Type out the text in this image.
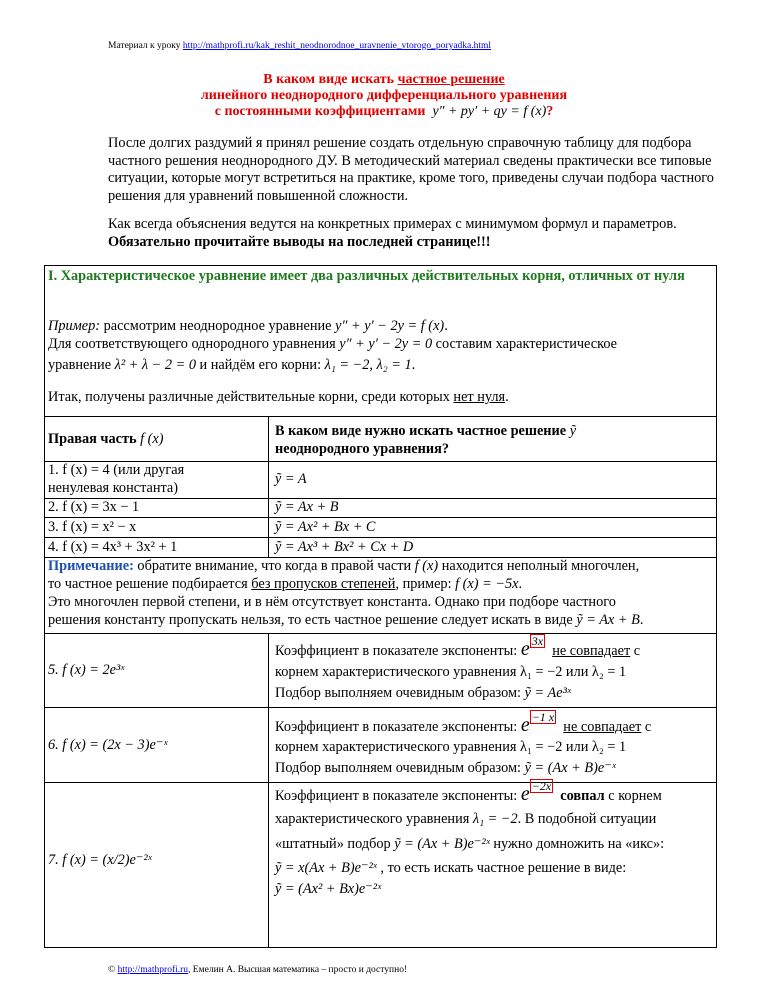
Материал к уроку http://mathprofi.ru/kak_reshit_neodnorodnoe_uravnenie_vtorogo_poryadka.html
В каком виде искать частное решение
линейного неоднородного дифференциального уравнения
с постоянными коэффициентами y″ + py′ + qy = f (x)?
После долгих раздумий я принял решение создать отдельную справочную таблицу для подбора частного решения неоднородного ДУ. В методический материал сведены практически все типовые ситуации, которые могут встретиться на практике, кроме того, приведены случаи подбора частного решения для уравнений повышенной сложности.
Как всегда объяснения ведутся на конкретных примерах с минимумом формул и параметров. Обязательно прочитайте выводы на последней странице!!!
I. Характеристическое уравнение имеет два различных действительных корня, отличных от нуля
Пример: рассмотрим неоднородное уравнение y″ + y′ − 2y = f (x).
Для соответствующего однородного уравнения y″ + y′ − 2y = 0 составим характеристическое
уравнение λ² + λ − 2 = 0 и найдём его корни: λ₁ = −2, λ₂ = 1.
Итак, получены различные действительные корни, среди которых нет нуля.
Правая часть f (x)	В каком виде нужно искать частное решение ỹ
неоднородного уравнения?
1. f (x) = 4 (или другая
ненулевая константа)
ỹ = A
2. f (x) = 3x − 1	ỹ = Ax + B
3. f (x) = x² − x	ỹ = Ax² + Bx + C
4. f (x) = 4x³ + 3x² + 1	ỹ = Ax³ + Bx² + Cx + D
Примечание: обратите внимание, что когда в правой части f (x) находится неполный многочлен,
то частное решение подбирается без пропусков степеней, пример: f (x) = −5x.
Это многочлен первой степени, и в нём отсутствует константа. Однако при подборе частного
решения константу пропускать нельзя, то есть частное решение следует искать в виде ỹ = Ax + B.
5. f (x) = 2e³ˣ
Коэффициент в показателе экспоненты: e 3x  не совпадает с
корнем характеристического уравнения λ₁ = −2 или λ₂ = 1
Подбор выполняем очевидным образом: ỹ = Ae³ˣ
6. f (x) = (2x − 3)e⁻ˣ
Коэффициент в показателе экспоненты: e −1 x  не совпадает с
корнем характеристического уравнения λ₁ = −2 или λ₂ = 1
Подбор выполняем очевидным образом: ỹ = (Ax + B)e⁻ˣ
7. f (x) = (x/2)e⁻²ˣ
Коэффициент в показателе экспоненты: e −2x  совпал с корнем
характеристического уравнения λ₁ = −2. В подобной ситуации
«штатный» подбор ỹ = (Ax + B)e⁻²ˣ нужно домножить на «икс»:
ỹ = x(Ax + B)e⁻²ˣ , то есть искать частное решение в виде:
ỹ = (Ax² + Bx)e⁻²ˣ
© http://mathprofi.ru, Емелин А. Высшая математика – просто и доступно!
